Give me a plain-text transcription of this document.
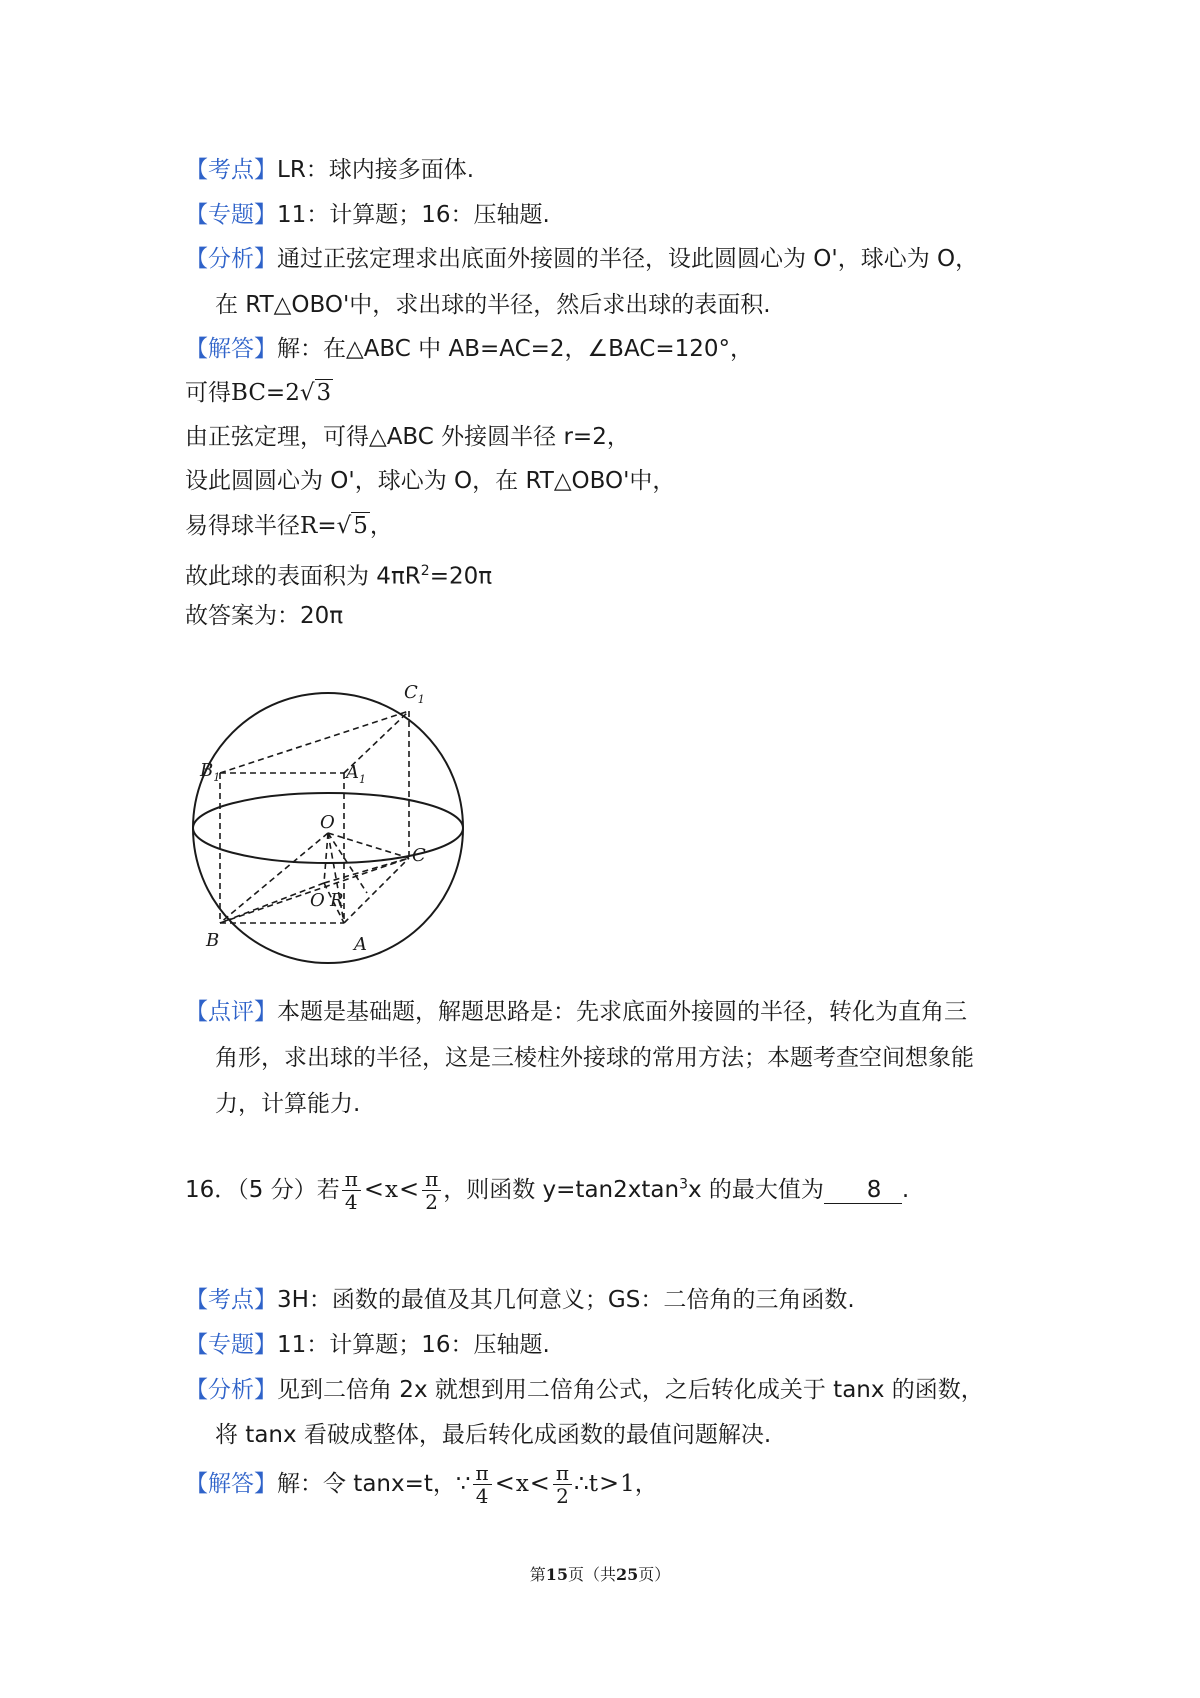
【考点】LR：球内接多面体.
【专题】11：计算题；16：压轴题.
【分析】通过正弦定理求出底面外接圆的半径，设此圆圆心为 O'，球心为 O，
在 RT△OBO'中，求出球的半径，然后求出球的表面积.
【解答】解：在△ABC 中 AB=AC=2，∠BAC=120°，
可得BC=2√3
由正弦定理，可得△ABC 外接圆半径 r=2，
设此圆圆心为 O'，球心为 O，在 RT△OBO'中，
易得球半径R=√5，
故此球的表面积为 $4\pi R^2=20\pi$
故答案为：20π
$C_1$
$B_1$	$A_1$
O
C
O R
B	A
【点评】本题是基础题，解题思路是：先求底面外接圆的半径，转化为直角三
角形，求出球的半径，这是三棱柱外接球的常用方法；本题考查空间想象能
力，计算能力.
16．（5 分）若 $\frac{\pi}{4} <x< \frac{\pi}{2}$ ，则函数 y=tan2xtan$^3$x 的最大值为 ﾠ8 .
【考点】3H：函数的最值及其几何意义；GS：二倍角的三角函数.
【专题】11：计算题；16：压轴题.
【分析】见到二倍角 2x 就想到用二倍角公式，之后转化成关于 tanx 的函数，
将 tanx 看破成整体，最后转化成函数的最值问题解决.
【解答】解：令 tanx=t，∵ $\frac{\pi}{4} <x< \frac{\pi}{2}$ ∴t>1，
第15页（共25页）
